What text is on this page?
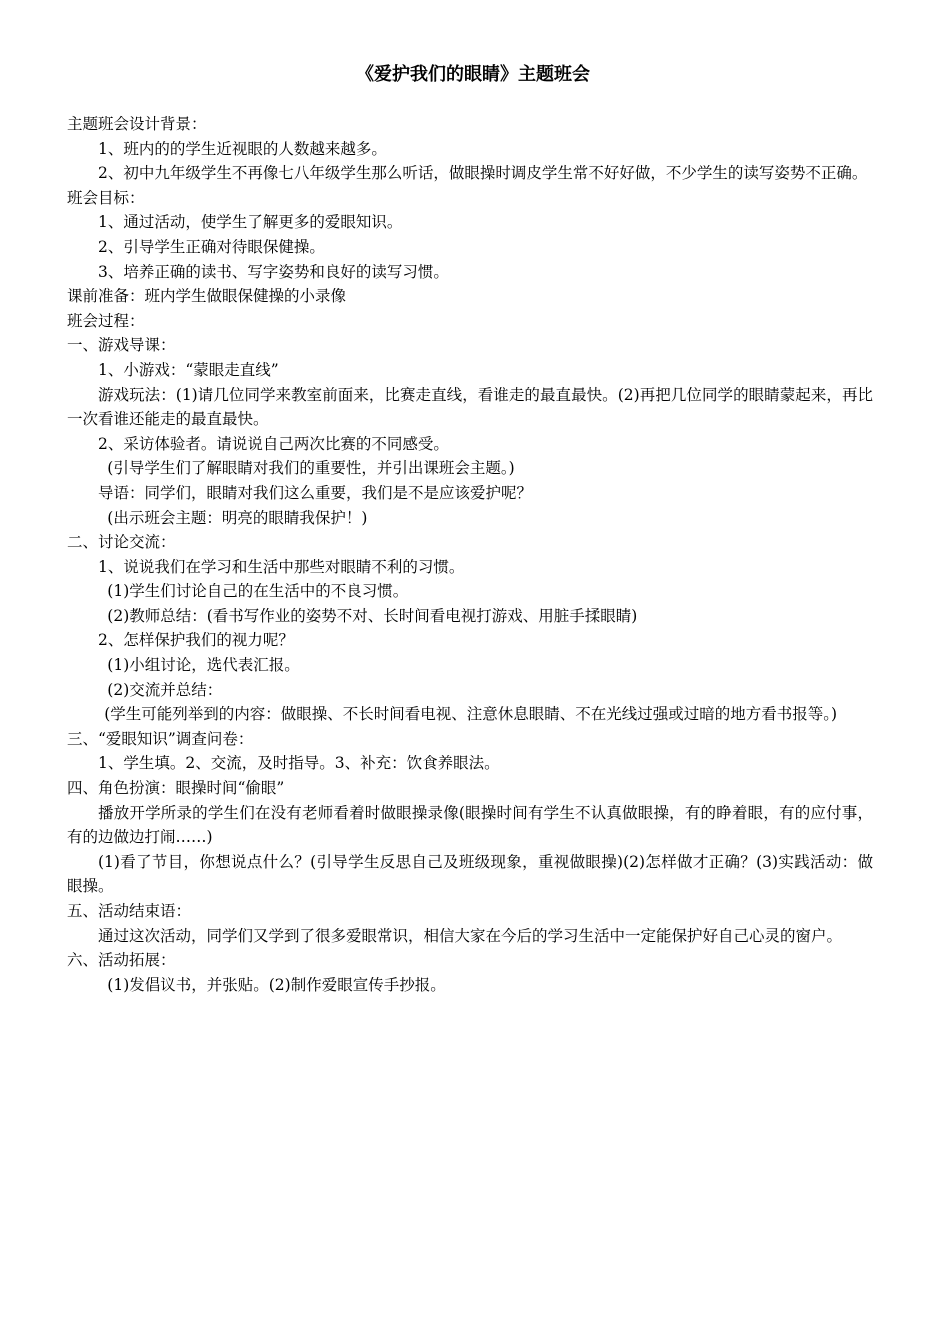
《爱护我们的眼睛》主题班会

主题班会设计背景：

1、班内的的学生近视眼的人数越来越多。

2、初中九年级学生不再像七八年级学生那么听话，做眼操时调皮学生常不好好做，不少学生的读写姿势不正确。

班会目标：

1、通过活动，使学生了解更多的爱眼知识。

2、引导学生正确对待眼保健操。

3、培养正确的读书、写字姿势和良好的读写习惯。

课前准备：班内学生做眼保健操的小录像

班会过程：

一、游戏导课：

1、小游戏：“蒙眼走直线”

游戏玩法：(1)请几位同学来教室前面来，比赛走直线，看谁走的最直最快。(2)再把几位同学的眼睛蒙起来，再比一次看谁还能走的最直最快。

2、采访体验者。请说说自己两次比赛的不同感受。

(引导学生们了解眼睛对我们的重要性，并引出课班会主题。)

导语：同学们，眼睛对我们这么重要，我们是不是应该爱护呢？

(出示班会主题：明亮的眼睛我保护！)

二、讨论交流：

1、说说我们在学习和生活中那些对眼睛不利的习惯。

(1)学生们讨论自己的在生活中的不良习惯。

(2)教师总结：(看书写作业的姿势不对、长时间看电视打游戏、用脏手揉眼睛)

2、怎样保护我们的视力呢？

(1)小组讨论，选代表汇报。

(2)交流并总结：

(学生可能列举到的内容：做眼操、不长时间看电视、注意休息眼睛、不在光线过强或过暗的地方看书报等。)

三、“爱眼知识”调查问卷：

1、学生填。2、交流，及时指导。3、补充：饮食养眼法。

四、角色扮演：眼操时间“偷眼”

播放开学所录的学生们在没有老师看着时做眼操录像(眼操时间有学生不认真做眼操，有的睁着眼，有的应付事，有的边做边打闹……)

(1)看了节目，你想说点什么？(引导学生反思自己及班级现象，重视做眼操)(2)怎样做才正确？(3)实践活动：做眼操。

五、活动结束语：

通过这次活动，同学们又学到了很多爱眼常识，相信大家在今后的学习生活中一定能保护好自己心灵的窗户。

六、活动拓展：

(1)发倡议书，并张贴。(2)制作爱眼宣传手抄报。
